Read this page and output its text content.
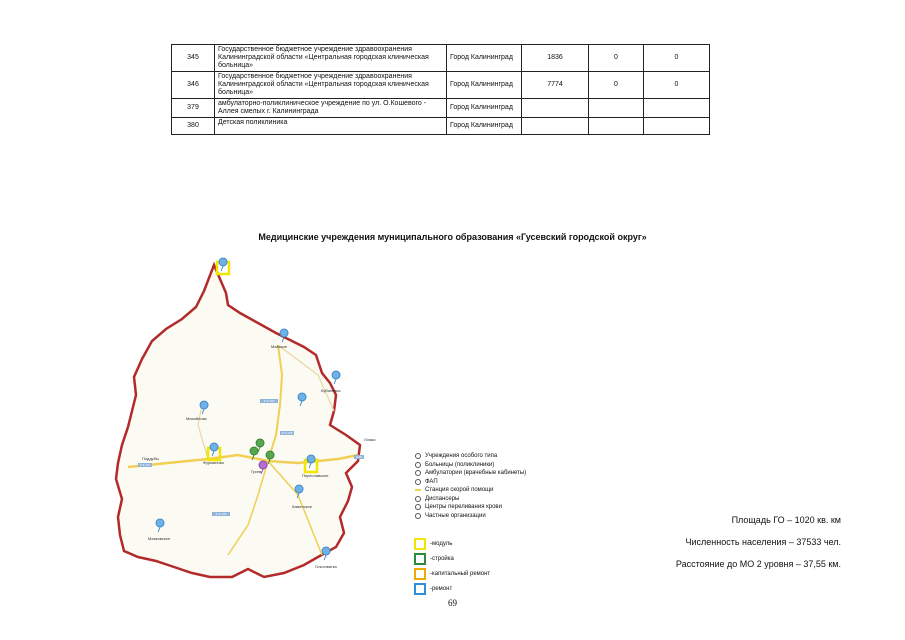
345	Государственное бюджетное учреждение здравоохранения Калининградской области «Центральная городская клиническая больница»	Город Калининград	1836	0	0
346	Государственное бюджетное учреждение здравоохранения Калининградской области «Центральная городская клиническая больница»	Город Калининград	7774	0	0
379	амбулаторно-поликлиническое учреждение по ул. О.Кошевого - Аллея смелых г. Калининграда	Город Калининград			
380	Детская поликлиника	Город Калининград			
Медицинские учреждения муниципального образования «Гусевский городской округ»
27К-184
27А-025
27К-183
27К-107
Е28
Майское
Кубановка
Михайлово
Ломко
Поддубы
Фурманово
Гусев
Переславское
Каменское
Маяковское
Ольховатка
Учреждения особого типа
Больницы (поликлиники)
Амбулатории (врачебные кабинеты)
ФАП
Станция скорой помощи
Диспансеры
Центры переливания крови
Частные организации
-модуль
-стройка
-капитальный ремонт
-ремонт
Площадь ГО – 1020 кв. км
Численность населения – 37533 чел.
Расстояние до МО 2 уровня – 37,55 км.
69
